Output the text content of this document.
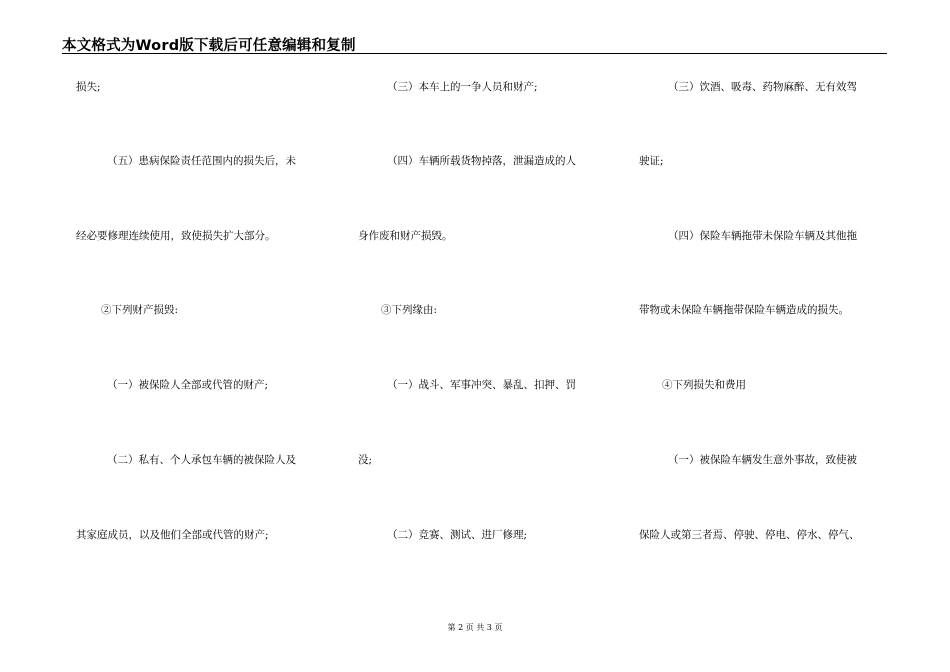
本文格式为Word版下载后可任意编辑和复制
损失;
（五）患病保险责任范围内的损失后，未
经必要修理连续使用，致使损失扩大部分。
②下列财产损毁:
（一）被保险人全部或代管的财产;
（二）私有、个人承包车辆的被保险人及
其家庭成员，以及他们全部或代管的财产;
（三）本车上的一争人员和财产;
（四）车辆所载货物掉落，泄漏造成的人
身作废和财产损毁。
③下列缘由:
（一）战斗、军事冲突、暴乱、扣押、罚
没;
（二）竞赛、测试、进厂修理;
（三）饮酒、吸毒、药物麻醉、无有效驾
驶证;
（四）保险车辆拖带未保险车辆及其他拖
带物或未保险车辆拖带保险车辆造成的损失。
④下列损失和费用
（一）被保险车辆发生意外事故，致使被
保险人或第三者焉、停驶、停电、停水、停气、
第 2 页 共 3 页
